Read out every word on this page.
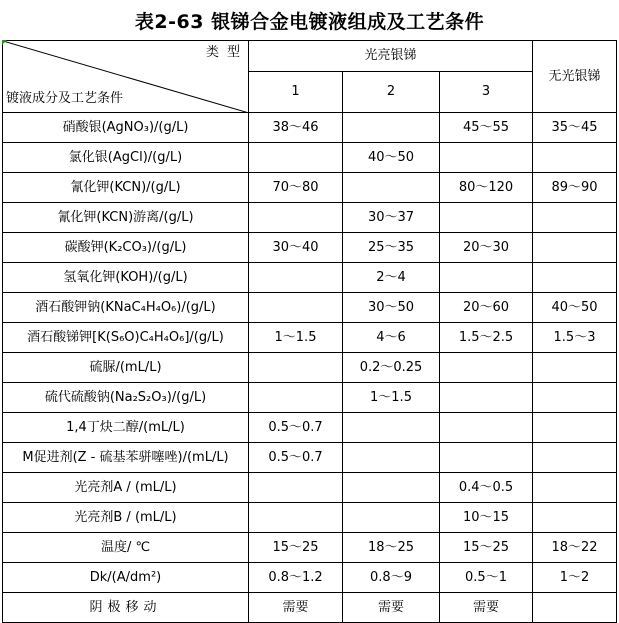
表2-63 银锑合金电镀液组成及工艺条件
类 型
镀液成分及工艺条件	光亮银锑			无光银锑
	1	2	3	
硝酸银(AgNO₃)/(g/L)	38～46		45～55	35～45
氯化银(AgCl)/(g/L)		40～50		
氰化钾(KCN)/(g/L)	70～80		80～120	89～90
氰化钾(KCN)游离/(g/L)		30～37		
碳酸钾(K₂CO₃)/(g/L)	30～40	25～35	20～30	
氢氧化钾(KOH)/(g/L)		2～4		
酒石酸钾钠(KNaC₄H₄O₆)/(g/L)		30～50	20～60	40～50
酒石酸锑钾[K(S₆O)C₄H₄O₆]/(g/L)	1～1.5	4～6	1.5～2.5	1.5～3
硫脲/(mL/L)		0.2～0.25		
硫代硫酸钠(Na₂S₂O₃)/(g/L)		1～1.5		
1,4丁炔二醇/(mL/L)	0.5～0.7			
M促进剂(Z - 硫基苯骈噻唑)/(mL/L)	0.5～0.7			
光亮剂A / (mL/L)			0.4～0.5	
光亮剂B / (mL/L)			10～15	
温度/ ℃	15～25	18～25	15～25	18～22
Dk/(A/dm²)	0.8～1.2	0.8～9	0.5～1	1～2
阴极移动	需要	需要	需要	
